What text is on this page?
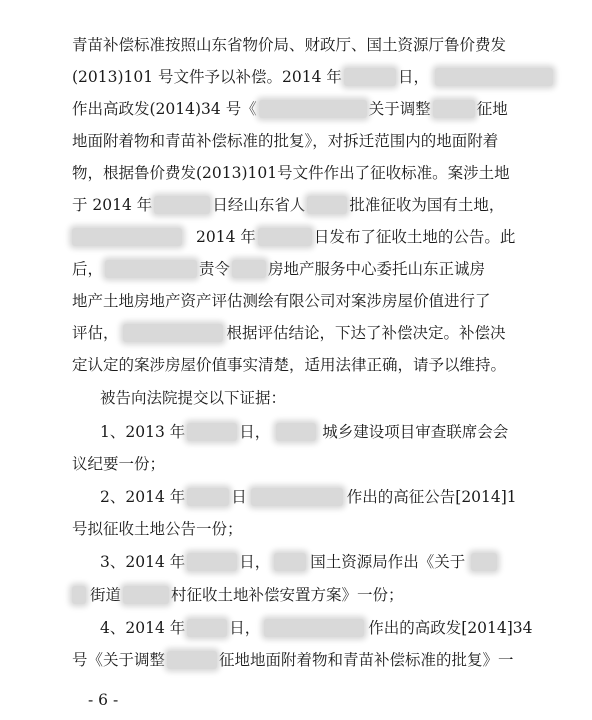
青苗补偿标准按照山东省物价局、财政厅、国土资源厅鲁价费发
(2013)101 号文件予以补偿。2014 年	日，
作出高政发(2014)34 号《	关于调整	征地
地面附着物和青苗补偿标准的批复》，对拆迁范围内的地面附着
物，根据鲁价费发(2013)101号文件作出了征收标准。案涉土地
于 2014 年	日经山东省人	批准征收为国有土地，
2014 年	日发布了征收土地的公告。此
后，	责令 房地产服务中心委托山东正诚房
地产土地房地产资产评估测绘有限公司对案涉房屋价值进行了
评估，	根据评估结论，下达了补偿决定。补偿决
定认定的案涉房屋价值事实清楚，适用法律正确，请予以维持。
被告向法院提交以下证据：
1、2013 年	日，	城乡建设项目审查联席会会
议纪要一份；
2、2014 年	日	作出的高征公告[2014]1
号拟征收土地公告一份；
3、2014 年	日，	国土资源局作出《关于
街道	村征收土地补偿安置方案》一份；
4、2014 年	日，	作出的高政发[2014]34
号《关于调整	征地地面附着物和青苗补偿标准的批复》一
- 6 -
